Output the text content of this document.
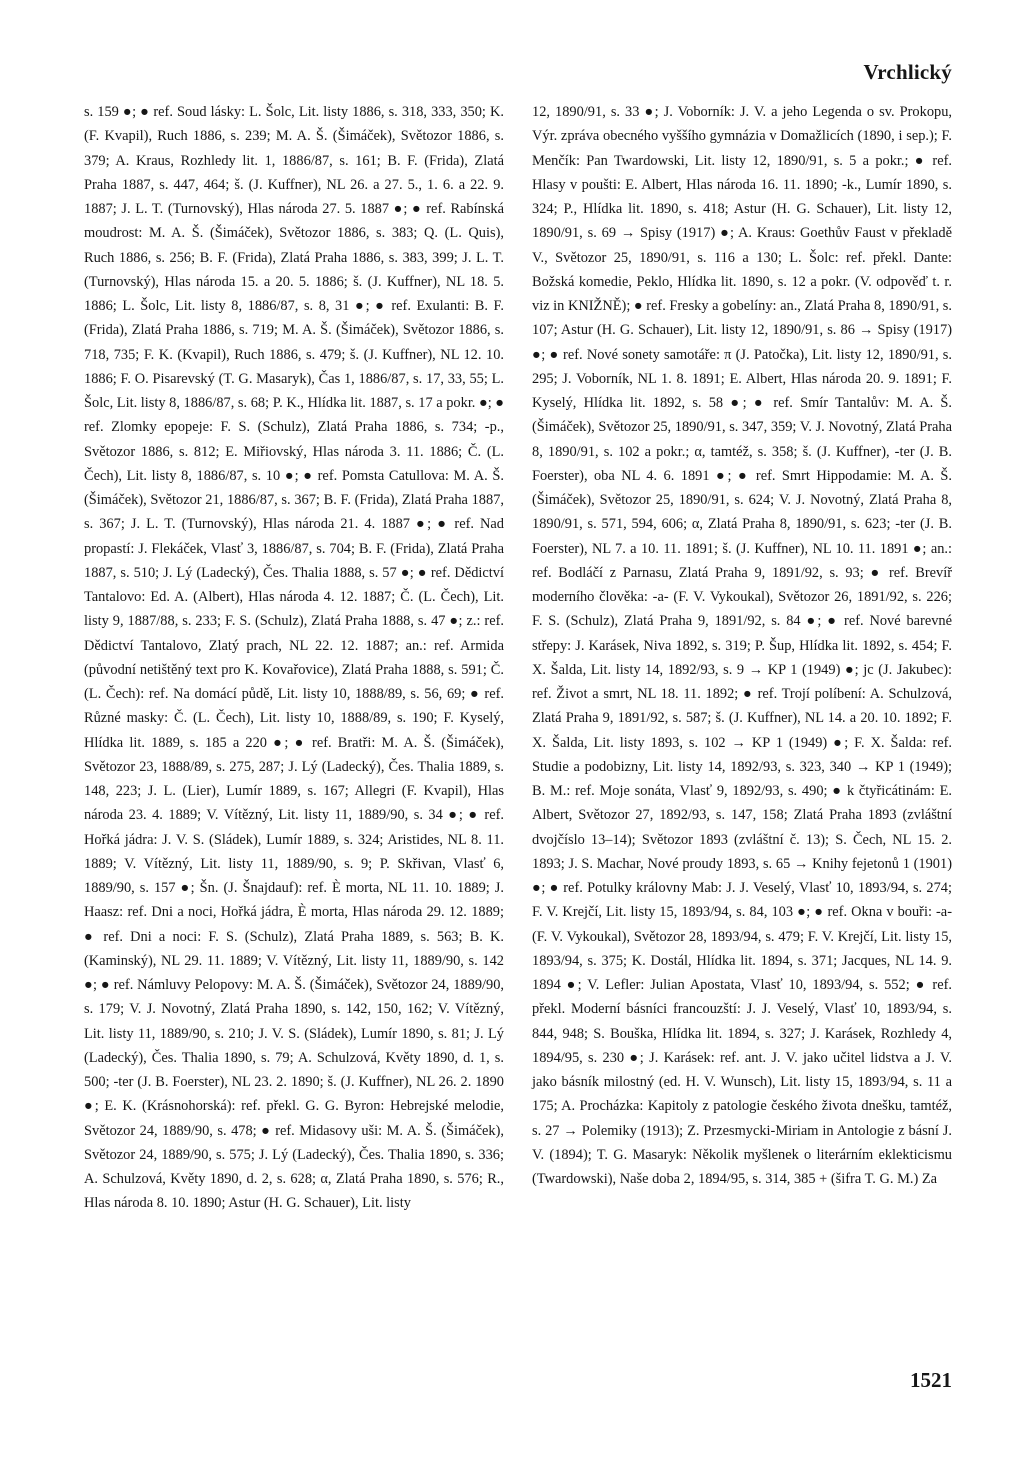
Vrchlický

s. 159 ●; ● ref. Soud lásky: L. Šolc, Lit. listy 1886, s. 318, 333, 350; K. (F. Kvapil), Ruch 1886, s. 239; M. A. Š. (Šimáček), Světozor 1886, s. 379; A. Kraus, Rozhledy lit. 1, 1886/87, s. 161; B. F. (Frida), Zlatá Praha 1887, s. 447, 464; š. (J. Kuffner), NL 26. a 27. 5., 1. 6. a 22. 9. 1887; J. L. T. (Turnovský), Hlas národa 27. 5. 1887 ●; ● ref. Rabínská moudrost: M. A. Š. (Šimáček), Světozor 1886, s. 383; Q. (L. Quis), Ruch 1886, s. 256; B. F. (Frida), Zlatá Praha 1886, s. 383, 399; J. L. T. (Turnovský), Hlas národa 15. a 20. 5. 1886; š. (J. Kuffner), NL 18. 5. 1886; L. Šolc, Lit. listy 8, 1886/87, s. 8, 31 ●; ● ref. Exulanti: B. F. (Frida), Zlatá Praha 1886, s. 719; M. A. Š. (Šimáček), Světozor 1886, s. 718, 735; F. K. (Kvapil), Ruch 1886, s. 479; š. (J. Kuffner), NL 12. 10. 1886; F. O. Pisarevský (T. G. Masaryk), Čas 1, 1886/87, s. 17, 33, 55; L. Šolc, Lit. listy 8, 1886/87, s. 68; P. K., Hlídka lit. 1887, s. 17 a pokr. ●; ● ref. Zlomky epopeje: F. S. (Schulz), Zlatá Praha 1886, s. 734; -p., Světozor 1886, s. 812; E. Miřiovský, Hlas národa 3. 11. 1886; Č. (L. Čech), Lit. listy 8, 1886/87, s. 10 ●; ● ref. Pomsta Catullova: M. A. Š. (Šimáček), Světozor 21, 1886/87, s. 367; B. F. (Frida), Zlatá Praha 1887, s. 367; J. L. T. (Turnovský), Hlas národa 21. 4. 1887 ●; ● ref. Nad propastí: J. Flekáček, Vlasť 3, 1886/87, s. 704; B. F. (Frida), Zlatá Praha 1887, s. 510; J. Lý (Ladecký), Čes. Thalia 1888, s. 57 ●; ● ref. Dědictví Tantalovo: Ed. A. (Albert), Hlas národa 4. 12. 1887; Č. (L. Čech), Lit. listy 9, 1887/88, s. 233; F. S. (Schulz), Zlatá Praha 1888, s. 47 ●; z.: ref. Dědictví Tantalovo, Zlatý prach, NL 22. 12. 1887; an.: ref. Armida (původní netištěný text pro K. Kovařovice), Zlatá Praha 1888, s. 591; Č. (L. Čech): ref. Na domácí půdě, Lit. listy 10, 1888/89, s. 56, 69; ● ref. Různé masky: Č. (L. Čech), Lit. listy 10, 1888/89, s. 190; F. Kyselý, Hlídka lit. 1889, s. 185 a 220 ●; ● ref. Bratři: M. A. Š. (Šimáček), Světozor 23, 1888/89, s. 275, 287; J. Lý (Ladecký), Čes. Thalia 1889, s. 148, 223; J. L. (Lier), Lumír 1889, s. 167; Allegri (F. Kvapil), Hlas národa 23. 4. 1889; V. Vítězný, Lit. listy 11, 1889/90, s. 34 ●; ● ref. Hořká jádra: J. V. S. (Sládek), Lumír 1889, s. 324; Aristides, NL 8. 11. 1889; V. Vítězný, Lit. listy 11, 1889/90, s. 9; P. Skřivan, Vlasť 6, 1889/90, s. 157 ●; Šn. (J. Šnajdauf): ref. È morta, NL 11. 10. 1889; J. Haasz: ref. Dni a noci, Hořká jádra, È morta, Hlas národa 29. 12. 1889; ● ref. Dni a noci: F. S. (Schulz), Zlatá Praha 1889, s. 563; B. K. (Kaminský), NL 29. 11. 1889; V. Vítězný, Lit. listy 11, 1889/90, s. 142 ●; ● ref. Námluvy Pelopovy: M. A. Š. (Šimáček), Světozor 24, 1889/90, s. 179; V. J. Novotný, Zlatá Praha 1890, s. 142, 150, 162; V. Vítězný, Lit. listy 11, 1889/90, s. 210; J. V. S. (Sládek), Lumír 1890, s. 81; J. Lý (Ladecký), Čes. Thalia 1890, s. 79; A. Schulzová, Květy 1890, d. 1, s. 500; -ter (J. B. Foerster), NL 23. 2. 1890; š. (J. Kuffner), NL 26. 2. 1890 ●; E. K. (Krásnohorská): ref. překl. G. G. Byron: Hebrejské melodie, Světozor 24, 1889/90, s. 478; ● ref. Midasovy uši: M. A. Š. (Šimáček), Světozor 24, 1889/90, s. 575; J. Lý (Ladecký), Čes. Thalia 1890, s. 336; A. Schulzová, Květy 1890, d. 2, s. 628; α, Zlatá Praha 1890, s. 576; R., Hlas národa 8. 10. 1890; Astur (H. G. Schauer), Lit. listy

12, 1890/91, s. 33 ●; J. Voborník: J. V. a jeho Legenda o sv. Prokopu, Výr. zpráva obecného vyššího gymnázia v Domažlicích (1890, i sep.); F. Menčík: Pan Twardowski, Lit. listy 12, 1890/91, s. 5 a pokr.; ● ref. Hlasy v poušti: E. Albert, Hlas národa 16. 11. 1890; -k., Lumír 1890, s. 324; P., Hlídka lit. 1890, s. 418; Astur (H. G. Schauer), Lit. listy 12, 1890/91, s. 69 → Spisy (1917) ●; A. Kraus: Goethův Faust v překladě V., Světozor 25, 1890/91, s. 116 a 130; L. Šolc: ref. překl. Dante: Božská komedie, Peklo, Hlídka lit. 1890, s. 12 a pokr. (V. odpověď t. r. viz in KNIŽNĚ); ● ref. Fresky a gobelíny: an., Zlatá Praha 8, 1890/91, s. 107; Astur (H. G. Schauer), Lit. listy 12, 1890/91, s. 86 → Spisy (1917) ●; ● ref. Nové sonety samotáře: π (J. Patočka), Lit. listy 12, 1890/91, s. 295; J. Voborník, NL 1. 8. 1891; E. Albert, Hlas národa 20. 9. 1891; F. Kyselý, Hlídka lit. 1892, s. 58 ●; ● ref. Smír Tantalův: M. A. Š. (Šimáček), Světozor 25, 1890/91, s. 347, 359; V. J. Novotný, Zlatá Praha 8, 1890/91, s. 102 a pokr.; α, tamtéž, s. 358; š. (J. Kuffner), -ter (J. B. Foerster), oba NL 4. 6. 1891 ●; ● ref. Smrt Hippodamie: M. A. Š. (Šimáček), Světozor 25, 1890/91, s. 624; V. J. Novotný, Zlatá Praha 8, 1890/91, s. 571, 594, 606; α, Zlatá Praha 8, 1890/91, s. 623; -ter (J. B. Foerster), NL 7. a 10. 11. 1891; š. (J. Kuffner), NL 10. 11. 1891 ●; an.: ref. Bodláčí z Parnasu, Zlatá Praha 9, 1891/92, s. 93; ● ref. Brevíř moderního člověka: -a- (F. V. Vykoukal), Světozor 26, 1891/92, s. 226; F. S. (Schulz), Zlatá Praha 9, 1891/92, s. 84 ●; ● ref. Nové barevné střepy: J. Karásek, Niva 1892, s. 319; P. Šup, Hlídka lit. 1892, s. 454; F. X. Šalda, Lit. listy 14, 1892/93, s. 9 → KP 1 (1949) ●; jc (J. Jakubec): ref. Život a smrt, NL 18. 11. 1892; ● ref. Trojí políbení: A. Schulzová, Zlatá Praha 9, 1891/92, s. 587; š. (J. Kuffner), NL 14. a 20. 10. 1892; F. X. Šalda, Lit. listy 1893, s. 102 → KP 1 (1949) ●; F. X. Šalda: ref. Studie a podobizny, Lit. listy 14, 1892/93, s. 323, 340 → KP 1 (1949); B. M.: ref. Moje sonáta, Vlasť 9, 1892/93, s. 490; ● k čtyřicátinám: E. Albert, Světozor 27, 1892/93, s. 147, 158; Zlatá Praha 1893 (zvláštní dvojčíslo 13–14); Světozor 1893 (zvláštní č. 13); S. Čech, NL 15. 2. 1893; J. S. Machar, Nové proudy 1893, s. 65 → Knihy fejetonů 1 (1901) ●; ● ref. Potulky královny Mab: J. J. Veselý, Vlasť 10, 1893/94, s. 274; F. V. Krejčí, Lit. listy 15, 1893/94, s. 84, 103 ●; ● ref. Okna v bouři: -a- (F. V. Vykoukal), Světozor 28, 1893/94, s. 479; F. V. Krejčí, Lit. listy 15, 1893/94, s. 375; K. Dostál, Hlídka lit. 1894, s. 371; Jacques, NL 14. 9. 1894 ●; V. Lefler: Julian Apostata, Vlasť 10, 1893/94, s. 552; ● ref. překl. Moderní básníci francouzští: J. J. Veselý, Vlasť 10, 1893/94, s. 844, 948; S. Bouška, Hlídka lit. 1894, s. 327; J. Karásek, Rozhledy 4, 1894/95, s. 230 ●; J. Karásek: ref. ant. J. V. jako učitel lidstva a J. V. jako básník milostný (ed. H. V. Wunsch), Lit. listy 15, 1893/94, s. 11 a 175; A. Procházka: Kapitoly z patologie českého života dnešku, tamtéž, s. 27 → Polemiky (1913); Z. Przesmycki-Miriam in Antologie z básní J. V. (1894); T. G. Masaryk: Několik myšlenek o literárním eklekticismu (Twardowski), Naše doba 2, 1894/95, s. 314, 385 + (šifra T. G. M.) Za

1521
